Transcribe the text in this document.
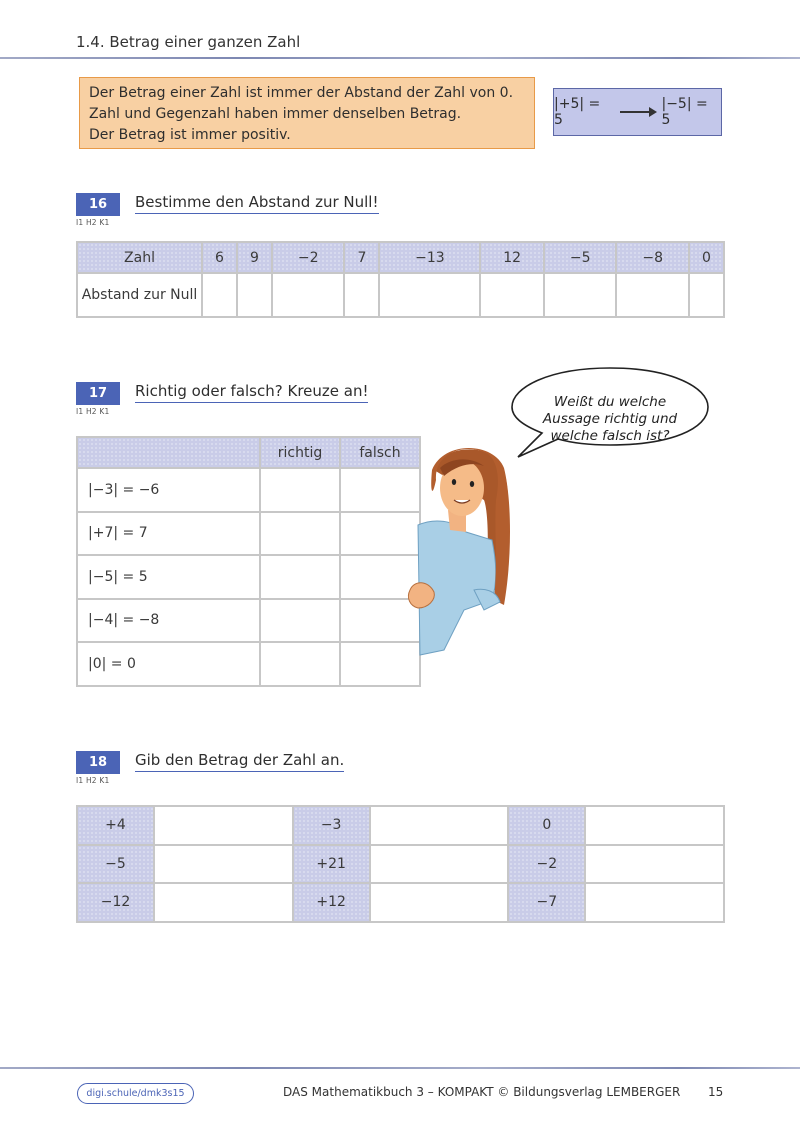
1.4. Betrag einer ganzen Zahl
Der Betrag einer Zahl ist immer der Abstand der Zahl von 0.
Zahl und Gegenzahl haben immer denselben Betrag.
Der Betrag ist immer positiv.
|+5| = 5
|−5| = 5
16
I1 H2 K1
Bestimme den Abstand zur Null!
Zahl	6	9	−2	7	−13	12	−5	−8	0
Abstand zur Null									
17
I1 H2 K1
Richtig oder falsch? Kreuze an!
	richtig	falsch
|−3| = −6		
|+7| = 7		
|−5| = 5		
|−4| = −8		
|0| = 0		
Weißt du welche
Aussage richtig und
welche falsch ist?
18
I1 H2 K1
Gib den Betrag der Zahl an.
+4		−3		0	
−5		+21		−2	
−12		+12		−7	
digi.schule/dmk3s15	DAS Mathematikbuch 3 – KOMPAKT © Bildungsverlag LEMBERGER 15
